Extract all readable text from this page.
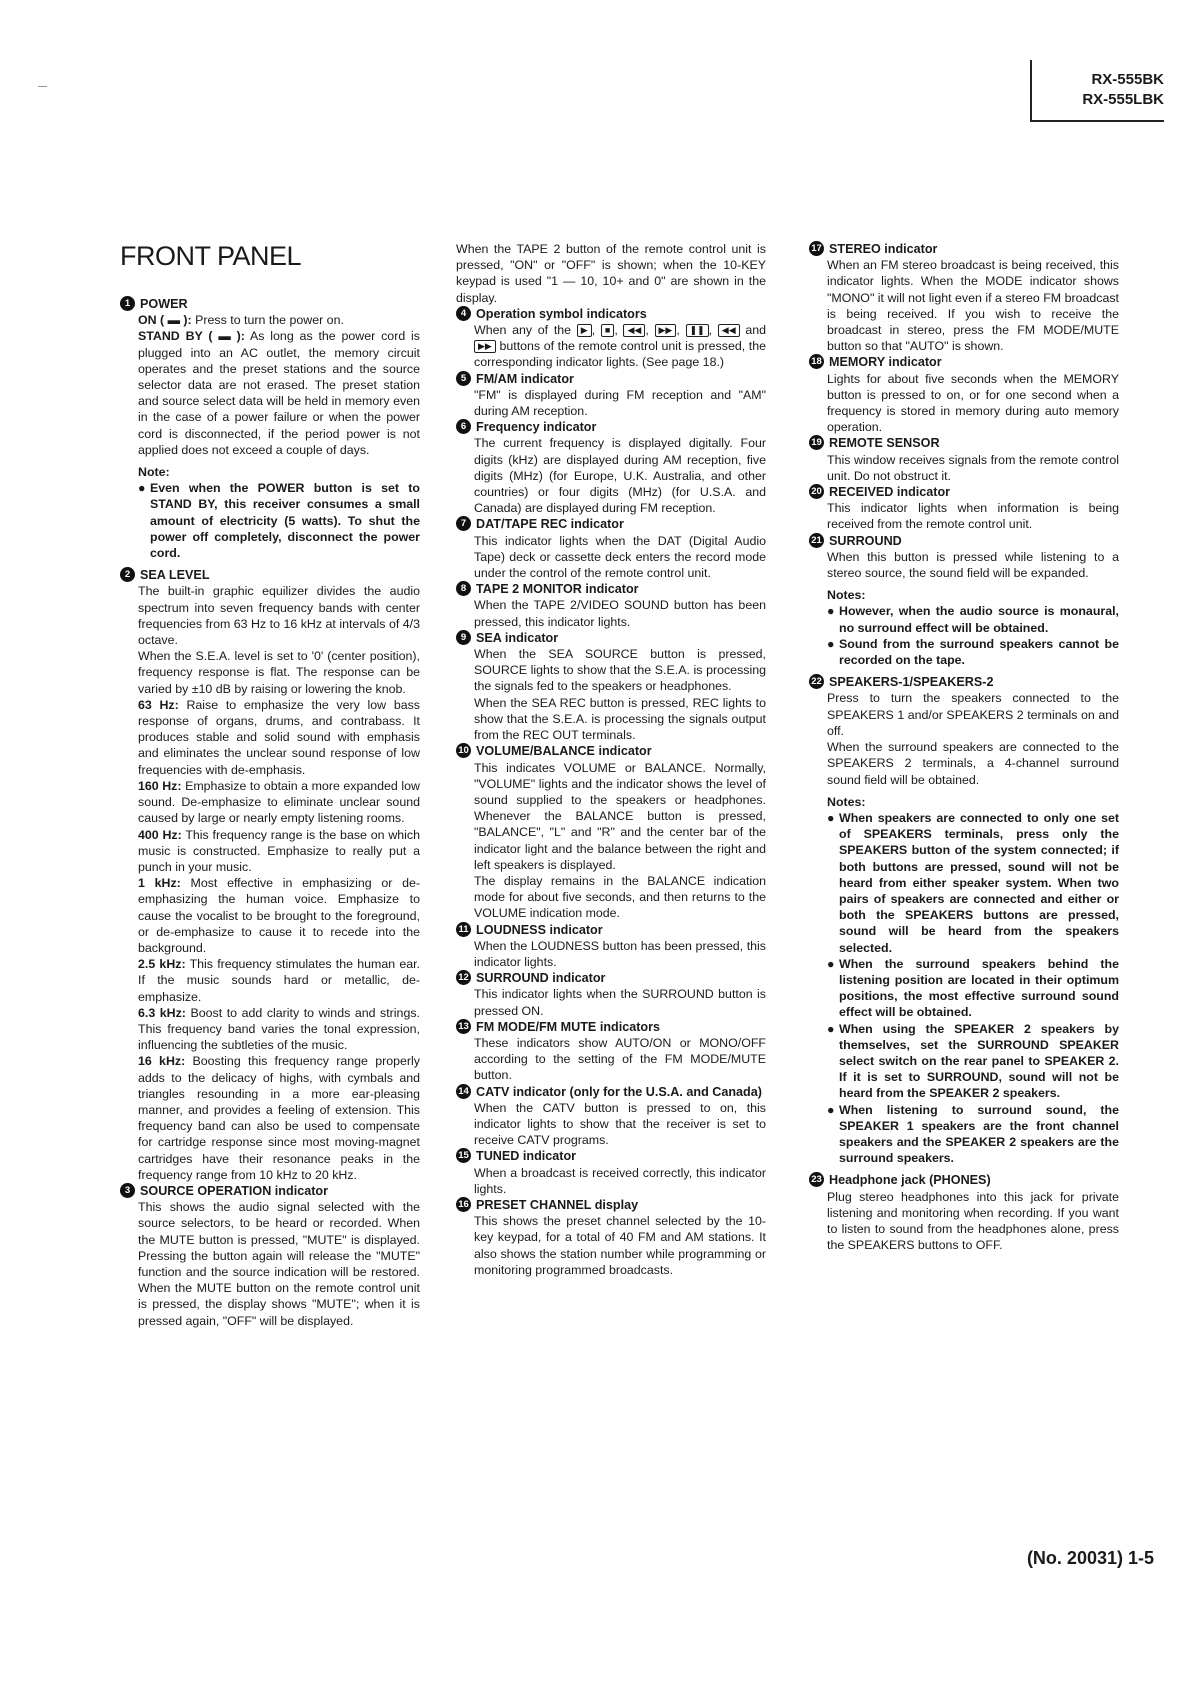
RX-555BK
RX-555LBK
FRONT PANEL
1 POWER

ON ( ▬ ): Press to turn the power on.

STAND BY ( ▬ ): As long as the power cord is plugged into an AC outlet, the memory circuit operates and the preset stations and the source selector data are not erased. The preset station and source select data will be held in memory even in the case of a power failure or when the power cord is disconnected, if the period power is not applied does not exceed a couple of days.

Note:
● Even when the POWER button is set to STAND BY, this receiver consumes a small amount of electricity (5 watts). To shut the power off completely, disconnect the power cord.
2 SEA LEVEL

The built-in graphic equilizer divides the audio spectrum into seven frequency bands with center frequencies from 63 Hz to 16 kHz at intervals of 4/3 octave.

When the S.E.A. level is set to '0' (center position), frequency response is flat. The response can be varied by ±10 dB by raising or lowering the knob.

63 Hz: Raise to emphasize the very low bass response of organs, drums, and contrabass. It produces stable and solid sound with emphasis and eliminates the unclear sound response of low frequencies with de-emphasis.

160 Hz: Emphasize to obtain a more expanded low sound. De-emphasize to eliminate unclear sound caused by large or nearly empty listening rooms.

400 Hz: This frequency range is the base on which music is constructed. Emphasize to really put a punch in your music.

1 kHz: Most effective in emphasizing or de-emphasizing the human voice. Emphasize to cause the vocalist to be brought to the foreground, or de-emphasize to cause it to recede into the background.

2.5 kHz: This frequency stimulates the human ear. If the music sounds hard or metallic, de-emphasize.

6.3 kHz: Boost to add clarity to winds and strings. This frequency band varies the tonal expression, influencing the subtleties of the music.

16 kHz: Boosting this frequency range properly adds to the delicacy of highs, with cymbals and triangles resounding in a more ear-pleasing manner, and provides a feeling of extension. This frequency band can also be used to compensate for cartridge response since most moving-magnet cartridges have their resonance peaks in the frequency range from 10 kHz to 20 kHz.

3 SOURCE OPERATION indicator

This shows the audio signal selected with the source selectors, to be heard or recorded. When the MUTE button is pressed, "MUTE" is displayed. Pressing the button again will release the "MUTE" function and the source indication will be restored. When the MUTE button on the remote control unit is pressed, the display shows "MUTE"; when it is pressed again, "OFF" will be displayed.

When the TAPE 2 button of the remote control unit is pressed, "ON" or "OFF" is shown; when the 10-KEY keypad is used "1 — 10, 10+ and 0" are shown in the display.

4 Operation symbol indicators

When any of the ▶ , ■ , ◀◀ , ▶▶ , ❚❚ , ◀◀ and ▶▶ buttons of the remote control unit is pressed, the corresponding indicator lights. (See page 18.)

5 FM/AM indicator

"FM" is displayed during FM reception and "AM" during AM reception.

6 Frequency indicator

The current frequency is displayed digitally. Four digits (kHz) are displayed during AM reception, five digits (MHz) (for Europe, U.K. Australia, and other countries) or four digits (MHz) (for U.S.A. and Canada) are displayed during FM reception.

7 DAT/TAPE REC indicator

This indicator lights when the DAT (Digital Audio Tape) deck or cassette deck enters the record mode under the control of the remote control unit.

8 TAPE 2 MONITOR indicator

When the TAPE 2/VIDEO SOUND button has been pressed, this indicator lights.

9 SEA indicator

When the SEA SOURCE button is pressed, SOURCE lights to show that the S.E.A. is processing the signals fed to the speakers or headphones.

When the SEA REC button is pressed, REC lights to show that the S.E.A. is processing the signals output from the REC OUT terminals.

10 VOLUME/BALANCE indicator

This indicates VOLUME or BALANCE. Normally, "VOLUME" lights and the indicator shows the level of sound supplied to the speakers or headphones. Whenever the BALANCE button is pressed, "BALANCE", "L" and "R" and the center bar of the indicator light and the balance between the right and left speakers is displayed.

The display remains in the BALANCE indication mode for about five seconds, and then returns to the VOLUME indication mode.

11 LOUDNESS indicator

When the LOUDNESS button has been pressed, this indicator lights.

12 SURROUND indicator

This indicator lights when the SURROUND button is pressed ON.

13 FM MODE/FM MUTE indicators

These indicators show AUTO/ON or MONO/OFF according to the setting of the FM MODE/MUTE button.

14 CATV indicator (only for the U.S.A. and Canada)

When the CATV button is pressed to on, this indicator lights to show that the receiver is set to receive CATV programs.

15 TUNED indicator

When a broadcast is received correctly, this indicator lights.

16 PRESET CHANNEL display

This shows the preset channel selected by the 10-key keypad, for a total of 40 FM and AM stations. It also shows the station number while programming or monitoring programmed broadcasts.

17 STEREO indicator

When an FM stereo broadcast is being received, this indicator lights. When the MODE indicator shows "MONO" it will not light even if a stereo FM broadcast is being received. If you wish to receive the broadcast in stereo, press the FM MODE/MUTE button so that "AUTO" is shown.

18 MEMORY indicator

Lights for about five seconds when the MEMORY button is pressed to on, or for one second when a frequency is stored in memory during auto memory operation.

19 REMOTE SENSOR

This window receives signals from the remote control unit. Do not obstruct it.

20 RECEIVED indicator

This indicator lights when information is being received from the remote control unit.

21 SURROUND

When this button is pressed while listening to a stereo source, the sound field will be expanded.

Notes:
● However, when the audio source is monaural, no surround effect will be obtained.
● Sound from the surround speakers cannot be recorded on the tape.
22 SPEAKERS-1/SPEAKERS-2

Press to turn the speakers connected to the SPEAKERS 1 and/or SPEAKERS 2 terminals on and off.

When the surround speakers are connected to the SPEAKERS 2 terminals, a 4-channel surround sound field will be obtained.

Notes:
● When speakers are connected to only one set of SPEAKERS terminals, press only the SPEAKERS button of the system connected; if both buttons are pressed, sound will not be heard from either speaker system. When two pairs of speakers are connected and either or both the SPEAKERS buttons are pressed, sound will be heard from the speakers selected.
● When the surround speakers behind the listening position are located in their optimum positions, the most effective surround sound effect will be obtained.
● When using the SPEAKER 2 speakers by themselves, set the SURROUND SPEAKER select switch on the rear panel to SPEAKER 2. If it is set to SURROUND, sound will not be heard from the SPEAKER 2 speakers.
● When listening to surround sound, the SPEAKER 1 speakers are the front channel speakers and the SPEAKER 2 speakers are the surround speakers.
23 Headphone jack (PHONES)

Plug stereo headphones into this jack for private listening and monitoring when recording. If you want to listen to sound from the headphones alone, press the SPEAKERS buttons to OFF.

(No. 20031) 1-5
